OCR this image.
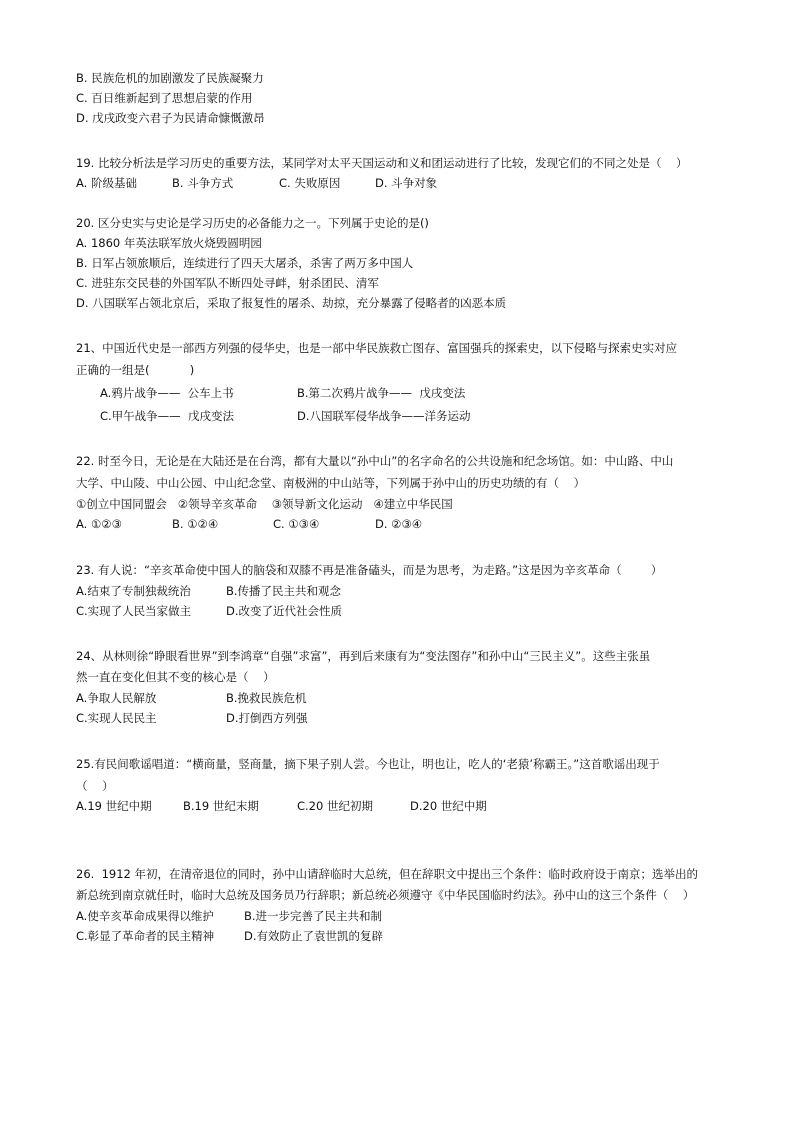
B. 民族危机的加剧激发了民族凝聚力
C. 百日维新起到了思想启蒙的作用
D. 戊戌政变六君子为民请命慷慨激昂
19. 比较分析法是学习历史的重要方法，某同学对太平天国运动和义和团运动进行了比较，发现它们的不同之处是（    ）
A. 阶级基础	B. 斗争方式	C. 失败原因	D. 斗争对象
20. 区分史实与史论是学习历史的必备能力之一。下列属于史论的是()
A. 1860 年英法联军放火烧毁圆明园
B. 日军占领旅顺后，连续进行了四天大屠杀，杀害了两万多中国人
C. 进驻东交民巷的外国军队不断四处寻衅，射杀团民、清军
D. 八国联军占领北京后，采取了报复性的屠杀、劫掠，充分暴露了侵略者的凶恶本质
21、中国近代史是一部西方列强的侵华史，也是一部中华民族救亡图存、富国强兵的探索史，以下侵略与探索史实对应
正确的一组是(           )
A.鸦片战争——  公车上书	B.第二次鸦片战争——  戊戌变法
C.甲午战争——  戊戌变法	D.八国联军侵华战争——洋务运动
22. 时至今日，无论是在大陆还是在台湾，都有大量以“孙中山”的名字命名的公共设施和纪念场馆。如：中山路、中山
大学、中山陵、中山公园、中山纪念堂、南极洲的中山站等，下列属于孙中山的历史功绩的有（    ）
①创立中国同盟会   ②领导辛亥革命    ③领导新文化运动   ④建立中华民国
A. ①②③	B. ①②④	C. ①③④	D. ②③④
23. 有人说：“辛亥革命使中国人的脑袋和双膝不再是准备磕头，而是为思考，为走路。”这是因为辛亥革命（        ）
A.结束了专制独裁统治	B.传播了民主共和观念
C.实现了人民当家做主	D.改变了近代社会性质
24、从林则徐“睁眼看世界”到李鸿章“自强”求富”，再到后来康有为“变法图存”和孙中山“三民主义”。这些主张虽
然一直在变化但其不变的核心是（    ）
A.争取人民解放	B.挽救民族危机
C.实现人民民主	D.打倒西方列强
25.有民间歌谣唱道：“横商量，竖商量，摘下果子别人尝。今也让，明也让，吃人的‘老猿’称霸王。”这首歌谣出现于
（    ）
A.19 世纪中期	B.19 世纪末期	C.20 世纪初期	D.20 世纪中期
26.  1912 年初，在清帝退位的同时，孙中山请辞临时大总统，但在辞职文中提出三个条件：临时政府设于南京；选举出的
新总统到南京就任时，临时大总统及国务员乃行辞职；新总统必须遵守《中华民国临时约法》。孙中山的这三个条件（    ）
A.使辛亥革命成果得以维护	B.进一步完善了民主共和制
C.彰显了革命者的民主精神	D.有效防止了袁世凯的复辟
